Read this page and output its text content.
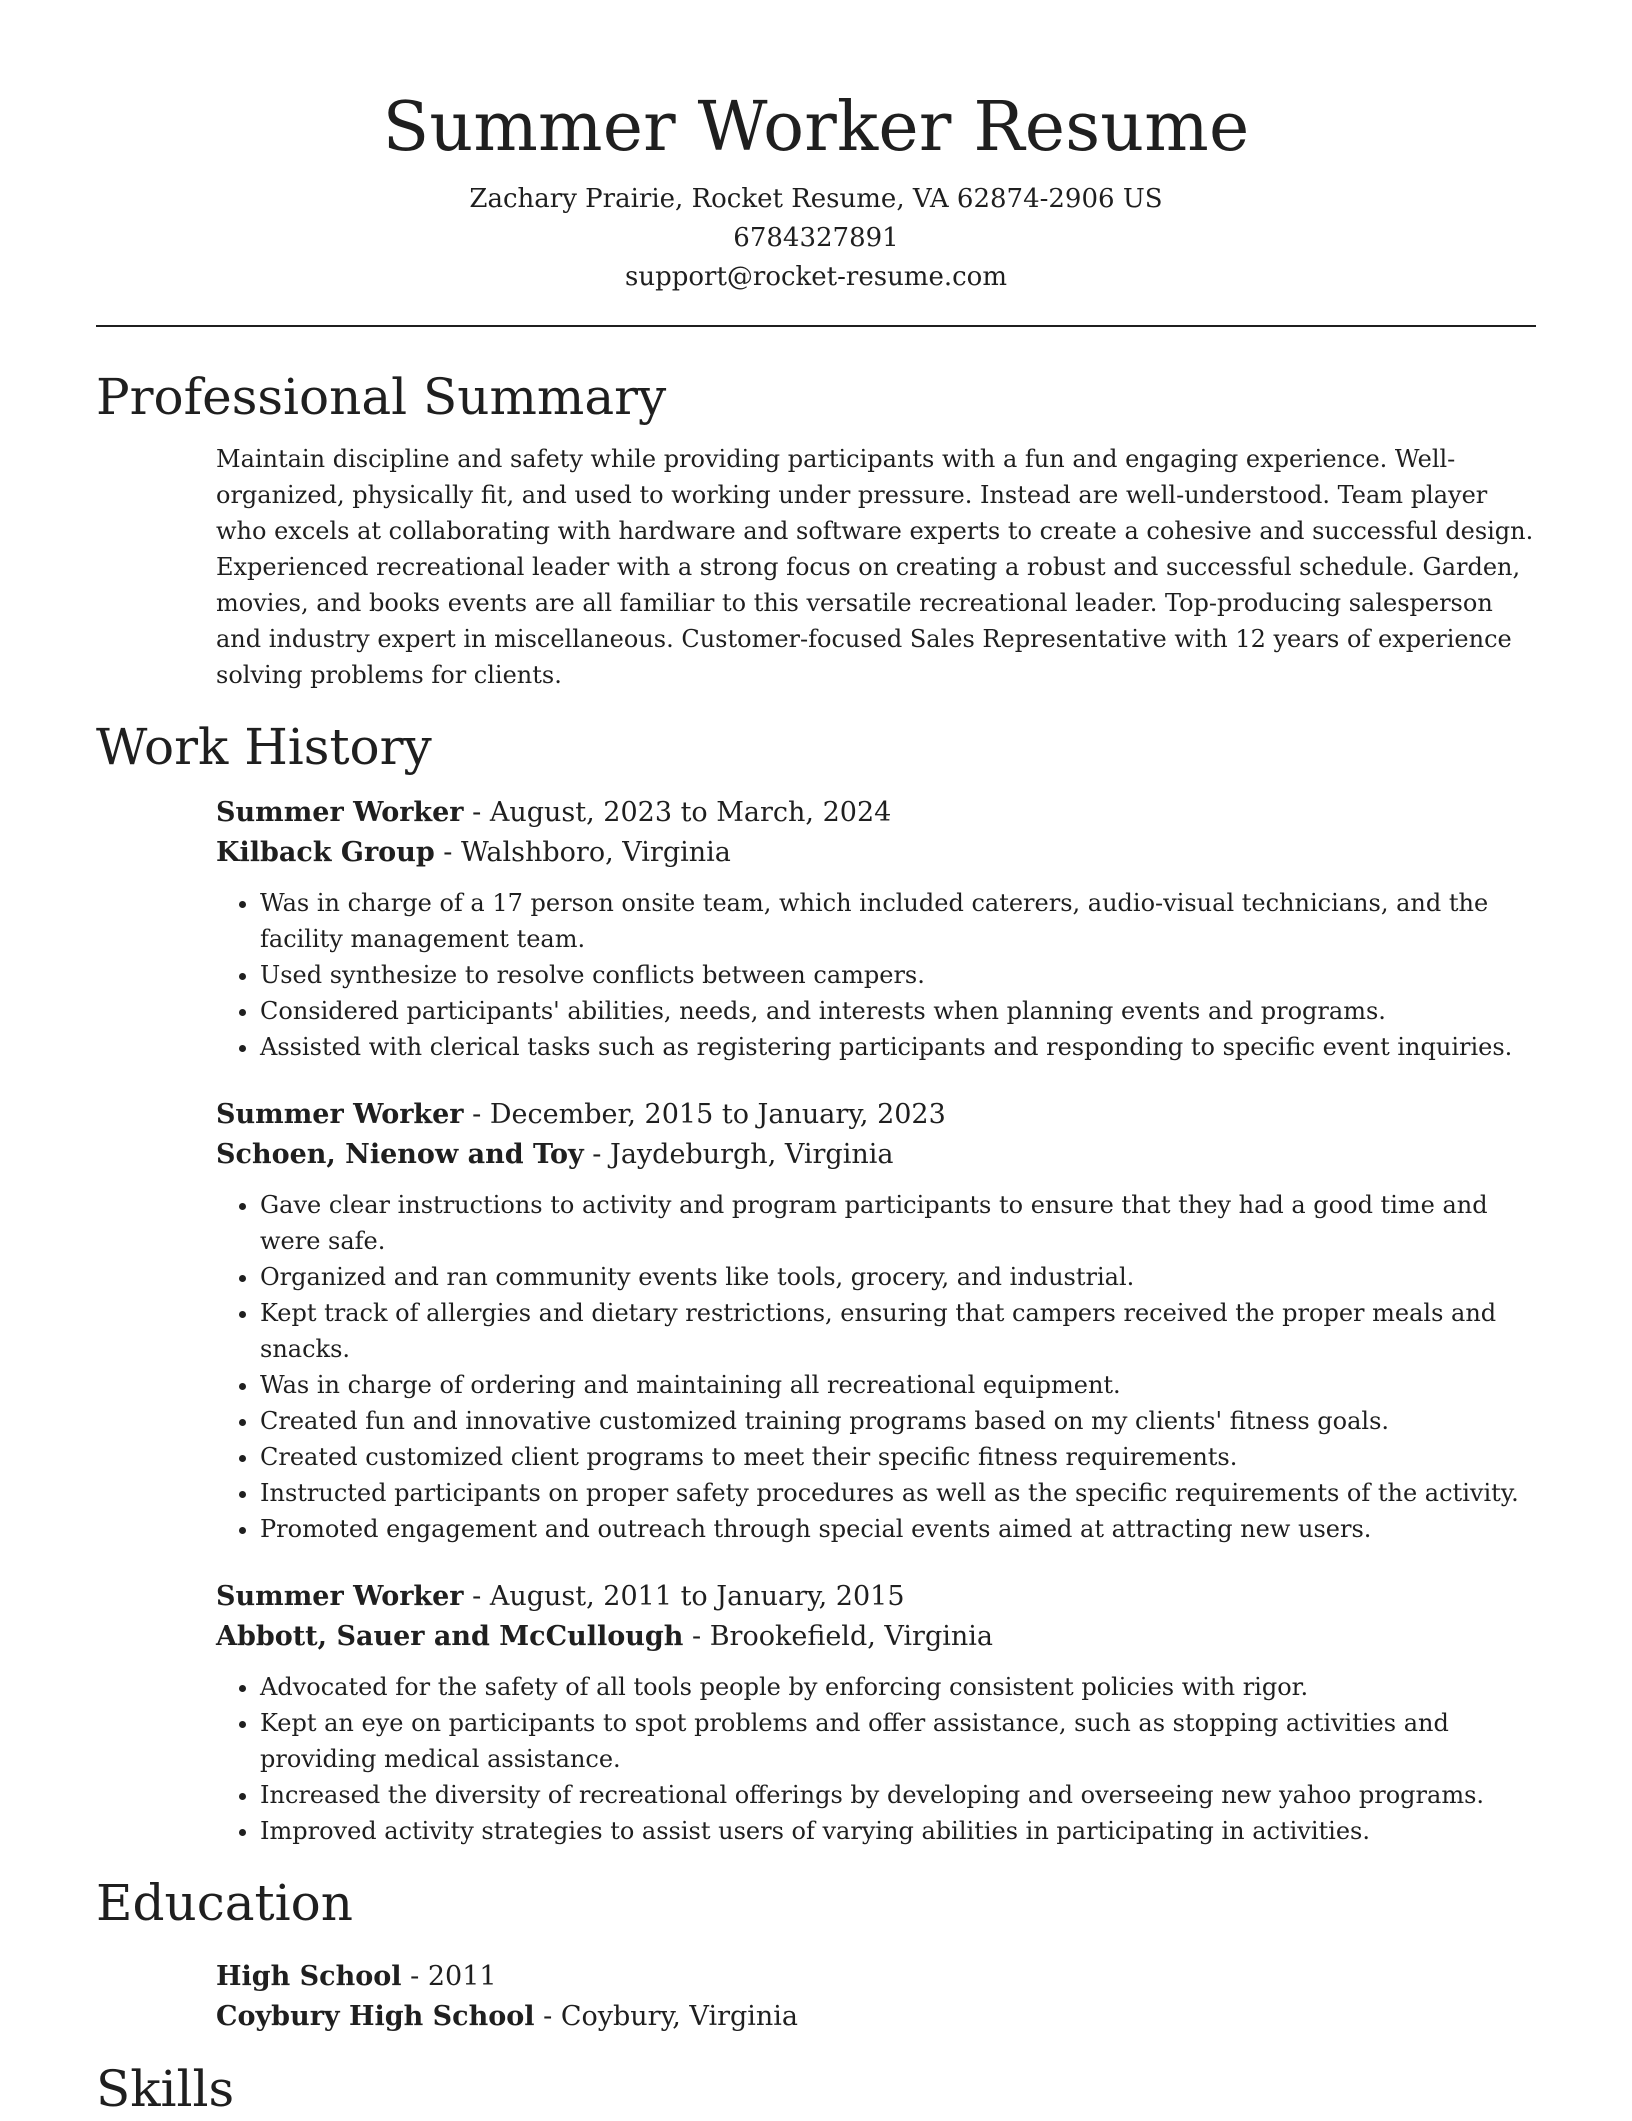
Summer Worker Resume
Zachary Prairie, Rocket Resume, VA 62874-2906 US
6784327891
support@rocket-resume.com
Professional Summary
Maintain discipline and safety while providing participants with a fun and engaging experience. Well-organized, physically fit, and used to working under pressure. Instead are well-understood. Team player who excels at collaborating with hardware and software experts to create a cohesive and successful design. Experienced recreational leader with a strong focus on creating a robust and successful schedule. Garden, movies, and books events are all familiar to this versatile recreational leader. Top-producing salesperson and industry expert in miscellaneous. Customer-focused Sales Representative with 12 years of experience solving problems for clients.
Work History
Summer Worker - August, 2023 to March, 2024
Kilback Group - Walshboro, Virginia
• Was in charge of a 17 person onsite team, which included caterers, audio-visual technicians, and the facility management team.
• Used synthesize to resolve conflicts between campers.
• Considered participants' abilities, needs, and interests when planning events and programs.
• Assisted with clerical tasks such as registering participants and responding to specific event inquiries.
Summer Worker - December, 2015 to January, 2023
Schoen, Nienow and Toy - Jaydeburgh, Virginia
• Gave clear instructions to activity and program participants to ensure that they had a good time and were safe.
• Organized and ran community events like tools, grocery, and industrial.
• Kept track of allergies and dietary restrictions, ensuring that campers received the proper meals and snacks.
• Was in charge of ordering and maintaining all recreational equipment.
• Created fun and innovative customized training programs based on my clients' fitness goals.
• Created customized client programs to meet their specific fitness requirements.
• Instructed participants on proper safety procedures as well as the specific requirements of the activity.
• Promoted engagement and outreach through special events aimed at attracting new users.
Summer Worker - August, 2011 to January, 2015
Abbott, Sauer and McCullough - Brookefield, Virginia
• Advocated for the safety of all tools people by enforcing consistent policies with rigor.
• Kept an eye on participants to spot problems and offer assistance, such as stopping activities and providing medical assistance.
• Increased the diversity of recreational offerings by developing and overseeing new yahoo programs.
• Improved activity strategies to assist users of varying abilities in participating in activities.
Education
High School - 2011
Coybury High School - Coybury, Virginia
Skills
